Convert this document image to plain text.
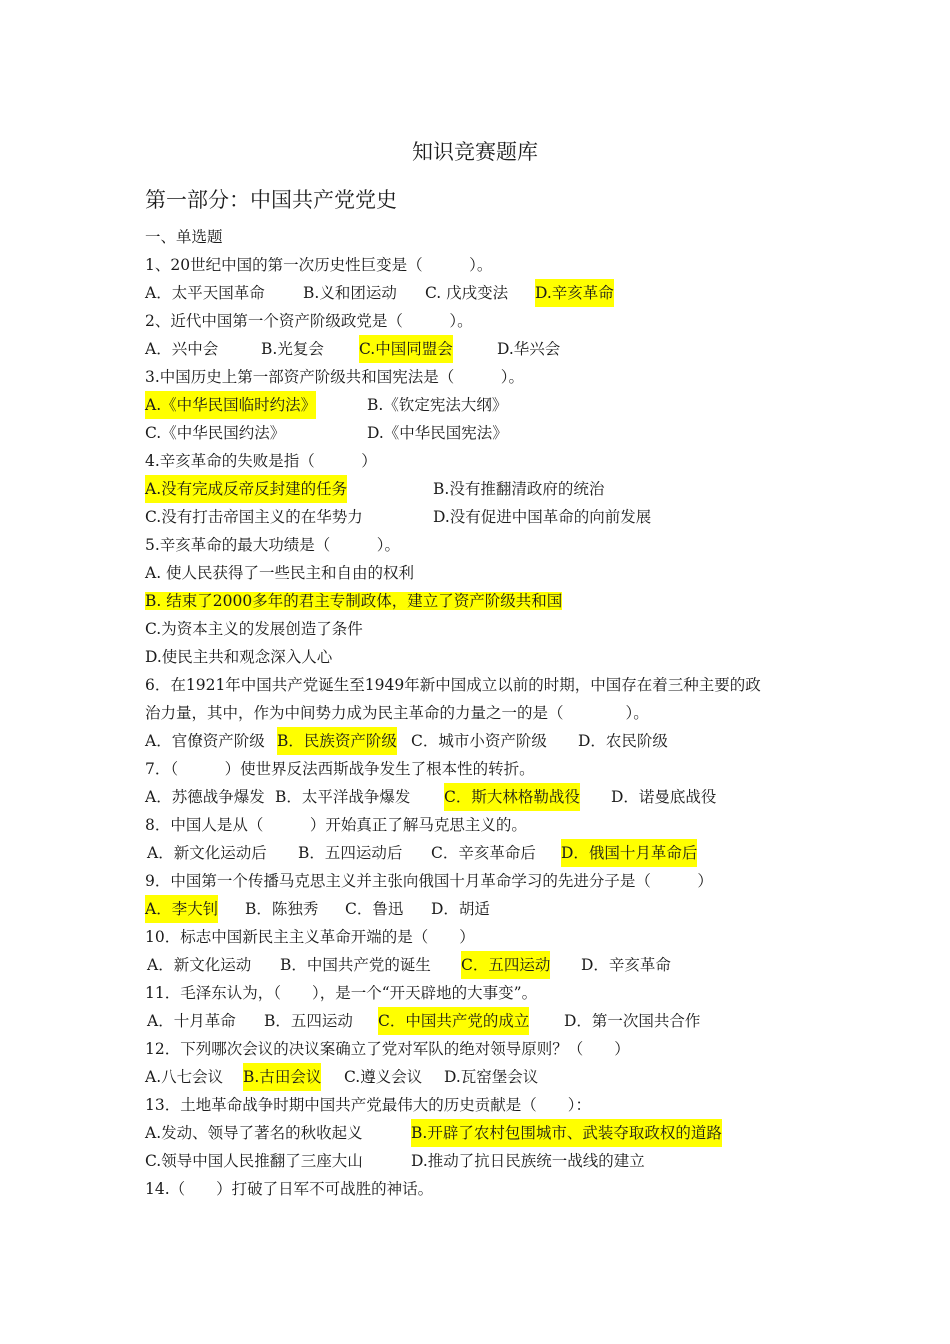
知识竞赛题库
第一部分：中国共产党党史
一、单选题
1、20世纪中国的第一次历史性巨变是（　　　）。
A．太平天国革命 B.义和团运动 C. 戊戌变法 D.辛亥革命
2、近代中国第一个资产阶级政党是（　　　）。
A．兴中会	B.光复会 C.中国同盟会	D.华兴会
3.中国历史上第一部资产阶级共和国宪法是（　　　）。
A.《中华民国临时约法》	B.《钦定宪法大纲》
C.《中华民国约法》	D.《中华民国宪法》
4.辛亥革命的失败是指（　　　）
A.没有完成反帝反封建的任务	B.没有推翻清政府的统治
C.没有打击帝国主义的在华势力	D.没有促进中国革命的向前发展
5.辛亥革命的最大功绩是（　　　）。
A. 使人民获得了一些民主和自由的权利
B. 结束了2000多年的君主专制政体，建立了资产阶级共和国
C.为资本主义的发展创造了条件
D.使民主共和观念深入人心
6．在1921年中国共产党诞生至1949年新中国成立以前的时期，中国存在着三种主要的政
治力量，其中，作为中间势力成为民主革命的力量之一的是（　　　　）。
A．官僚资产阶级 B．民族资产阶级 C．城市小资产阶级 D．农民阶级
7．（　　　）使世界反法西斯战争发生了根本性的转折。
A．苏德战争爆发 B．太平洋战争爆发 C．斯大林格勒战役 D．诺曼底战役
8．中国人是从（　　　）开始真正了解马克思主义的。
A．新文化运动后 B．五四运动后 C．辛亥革命后 D．俄国十月革命后
9．中国第一个传播马克思主义并主张向俄国十月革命学习的先进分子是（　　　）
A．李大钊 B．陈独秀 C．鲁迅 D．胡适
10．标志中国新民主主义革命开端的是（　　）
A．新文化运动 B．中国共产党的诞生 C．五四运动 D．辛亥革命
11．毛泽东认为，（　　），是一个“开天辟地的大事变”。
A．十月革命 B．五四运动 C．中国共产党的成立 D．第一次国共合作
12．下列哪次会议的决议案确立了党对军队的绝对领导原则？（　　）
A.八七会议 B.古田会议 C.遵义会议 D.瓦窑堡会议
13．土地革命战争时期中国共产党最伟大的历史贡献是（　　）：
A.发动、领导了著名的秋收起义	B.开辟了农村包围城市、武装夺取政权的道路
C.领导中国人民推翻了三座大山	D.推动了抗日民族统一战线的建立
14.（　　）打破了日军不可战胜的神话。
